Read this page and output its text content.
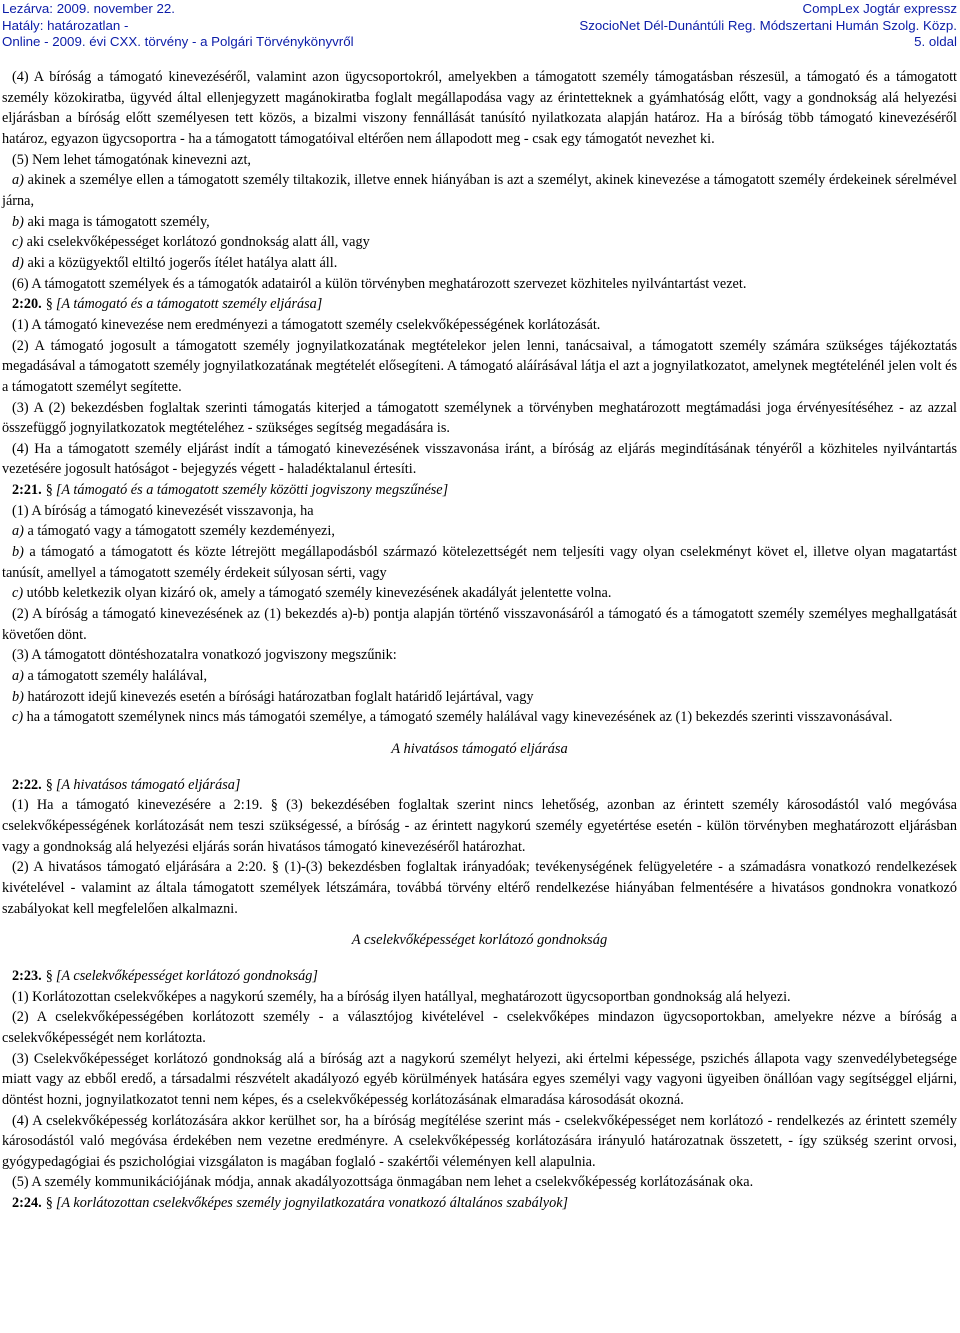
Lezárva: 2009. november 22.
Hatály: határozatlan -
Online - 2009. évi CXX. törvény - a Polgári Törvénykönyvről
CompLex Jogtár expressz
SzocioNet Dél-Dunántúli Reg. Módszertani Humán Szolg. Közp.
5. oldal

(4) A bíróság a támogató kinevezéséről, valamint azon ügycsoportokról, amelyekben a támogatott személy támogatásban részesül, a támogató és a támogatott személy közokiratba, ügyvéd által ellenjegyzett magánokiratba foglalt megállapodása vagy az érintetteknek a gyámhatóság előtt, vagy a gondnokság alá helyezési eljárásban a bíróság előtt személyesen tett közös, a bizalmi viszony fennállását tanúsító nyilatkozata alapján határoz. Ha a bíróság több támogató kinevezéséről határoz, egyazon ügycsoportra - ha a támogatott támogatóival eltérően nem állapodott meg - csak egy támogatót nevezhet ki.

(5) Nem lehet támogatónak kinevezni azt,

a) akinek a személye ellen a támogatott személy tiltakozik, illetve ennek hiányában is azt a személyt, akinek kinevezése a támogatott személy érdekeinek sérelmével járna,

b) aki maga is támogatott személy,

c) aki cselekvőképességet korlátozó gondnokság alatt áll, vagy

d) aki a közügyektől eltiltó jogerős ítélet hatálya alatt áll.

(6) A támogatott személyek és a támogatók adatairól a külön törvényben meghatározott szervezet közhiteles nyilvántartást vezet.

2:20. § [A támogató és a támogatott személy eljárása]

(1) A támogató kinevezése nem eredményezi a támogatott személy cselekvőképességének korlátozását.

(2) A támogató jogosult a támogatott személy jognyilatkozatának megtételekor jelen lenni, tanácsaival, a támogatott személy számára szükséges tájékoztatás megadásával a támogatott személy jognyilatkozatának megtételét elősegíteni. A támogató aláírásával látja el azt a jognyilatkozatot, amelynek megtételénél jelen volt és a támogatott személyt segítette.

(3) A (2) bekezdésben foglaltak szerinti támogatás kiterjed a támogatott személynek a törvényben meghatározott megtámadási joga érvényesítéséhez - az azzal összefüggő jognyilatkozatok megtételéhez - szükséges segítség megadására is.

(4) Ha a támogatott személy eljárást indít a támogató kinevezésének visszavonása iránt, a bíróság az eljárás megindításának tényéről a közhiteles nyilvántartás vezetésére jogosult hatóságot - bejegyzés végett - haladéktalanul értesíti.

2:21. § [A támogató és a támogatott személy közötti jogviszony megszűnése]

(1) A bíróság a támogató kinevezését visszavonja, ha

a) a támogató vagy a támogatott személy kezdeményezi,

b) a támogató a támogatott és közte létrejött megállapodásból származó kötelezettségét nem teljesíti vagy olyan cselekményt követ el, illetve olyan magatartást tanúsít, amellyel a támogatott személy érdekeit súlyosan sérti, vagy

c) utóbb keletkezik olyan kizáró ok, amely a támogató személy kinevezésének akadályát jelentette volna.

(2) A bíróság a támogató kinevezésének az (1) bekezdés a)-b) pontja alapján történő visszavonásáról a támogató és a támogatott személy személyes meghallgatását követően dönt.

(3) A támogatott döntéshozatalra vonatkozó jogviszony megszűnik:

a) a támogatott személy halálával,

b) határozott idejű kinevezés esetén a bírósági határozatban foglalt határidő lejártával, vagy

c) ha a támogatott személynek nincs más támogatói személye, a támogató személy halálával vagy kinevezésének az (1) bekezdés szerinti visszavonásával.

A hivatásos támogató eljárása

2:22. § [A hivatásos támogató eljárása]

(1) Ha a támogató kinevezésére a 2:19. § (3) bekezdésében foglaltak szerint nincs lehetőség, azonban az érintett személy károsodástól való megóvása cselekvőképességének korlátozását nem teszi szükségessé, a bíróság - az érintett nagykorú személy egyetértése esetén - külön törvényben meghatározott eljárásban vagy a gondnokság alá helyezési eljárás során hivatásos támogató kinevezéséről határozhat.

(2) A hivatásos támogató eljárására a 2:20. § (1)-(3) bekezdésben foglaltak irányadóak; tevékenységének felügyeletére - a számadásra vonatkozó rendelkezések kivételével - valamint az általa támogatott személyek létszámára, továbbá törvény eltérő rendelkezése hiányában felmentésére a hivatásos gondnokra vonatkozó szabályokat kell megfelelően alkalmazni.

A cselekvőképességet korlátozó gondnokság

2:23. § [A cselekvőképességet korlátozó gondnokság]

(1) Korlátozottan cselekvőképes a nagykorú személy, ha a bíróság ilyen hatállyal, meghatározott ügycsoportban gondnokság alá helyezi.

(2) A cselekvőképességében korlátozott személy - a választójog kivételével - cselekvőképes mindazon ügycsoportokban, amelyekre nézve a bíróság a cselekvőképességét nem korlátozta.

(3) Cselekvőképességet korlátozó gondnokság alá a bíróság azt a nagykorú személyt helyezi, aki értelmi képessége, pszichés állapota vagy szenvedélybetegsége miatt vagy az ebből eredő, a társadalmi részvételt akadályozó egyéb körülmények hatására egyes személyi vagy vagyoni ügyeiben önállóan vagy segítséggel eljárni, döntést hozni, jognyilatkozatot tenni nem képes, és a cselekvőképesség korlátozásának elmaradása károsodását okozná.

(4) A cselekvőképesség korlátozására akkor kerülhet sor, ha a bíróság megítélése szerint más - cselekvőképességet nem korlátozó - rendelkezés az érintett személy károsodástól való megóvása érdekében nem vezetne eredményre. A cselekvőképesség korlátozására irányuló határozatnak összetett, - így szükség szerint orvosi, gyógypedagógiai és pszichológiai vizsgálaton is magában foglaló - szakértői véleményen kell alapulnia.

(5) A személy kommunikációjának módja, annak akadályozottsága önmagában nem lehet a cselekvőképesség korlátozásának oka.

2:24. § [A korlátozottan cselekvőképes személy jognyilatkozatára vonatkozó általános szabályok]
